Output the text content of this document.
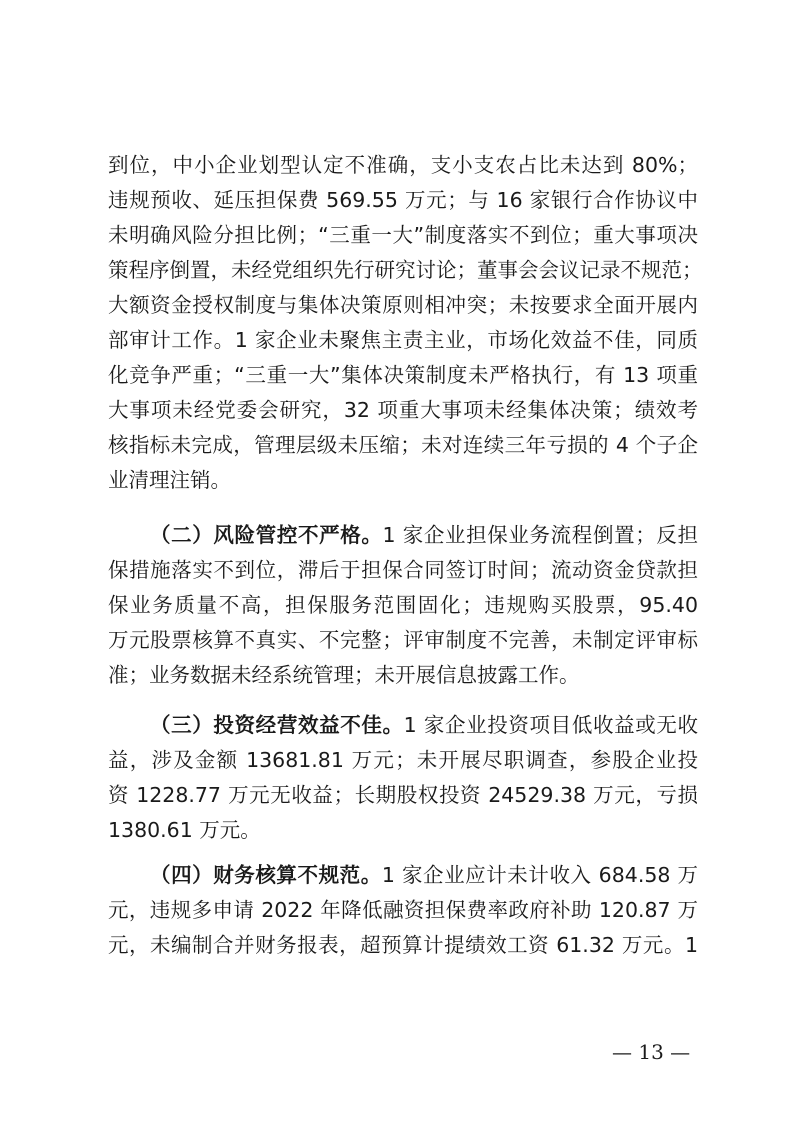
到位，中小企业划型认定不准确，支小支农占比未达到 80%；
违规预收、延压担保费 569.55 万元；与 16 家银行合作协议中
未明确风险分担比例；“三重一大”制度落实不到位；重大事项决
策程序倒置，未经党组织先行研究讨论；董事会会议记录不规范；
大额资金授权制度与集体决策原则相冲突；未按要求全面开展内
部审计工作。1 家企业未聚焦主责主业，市场化效益不佳，同质
化竞争严重；“三重一大”集体决策制度未严格执行，有 13 项重
大事项未经党委会研究，32 项重大事项未经集体决策；绩效考
核指标未完成，管理层级未压缩；未对连续三年亏损的 4 个子企
业清理注销。
（二）风险管控不严格。1 家企业担保业务流程倒置；反担
保措施落实不到位，滞后于担保合同签订时间；流动资金贷款担
保业务质量不高，担保服务范围固化；违规购买股票，95.40
万元股票核算不真实、不完整；评审制度不完善，未制定评审标
准；业务数据未经系统管理；未开展信息披露工作。
（三）投资经营效益不佳。1 家企业投资项目低收益或无收
益，涉及金额 13681.81 万元；未开展尽职调查，参股企业投
资 1228.77 万元无收益；长期股权投资 24529.38 万元，亏损
1380.61 万元。
（四）财务核算不规范。1 家企业应计未计收入 684.58 万
元，违规多申请 2022 年降低融资担保费率政府补助 120.87 万
元，未编制合并财务报表，超预算计提绩效工资 61.32 万元。1
— 13 —
